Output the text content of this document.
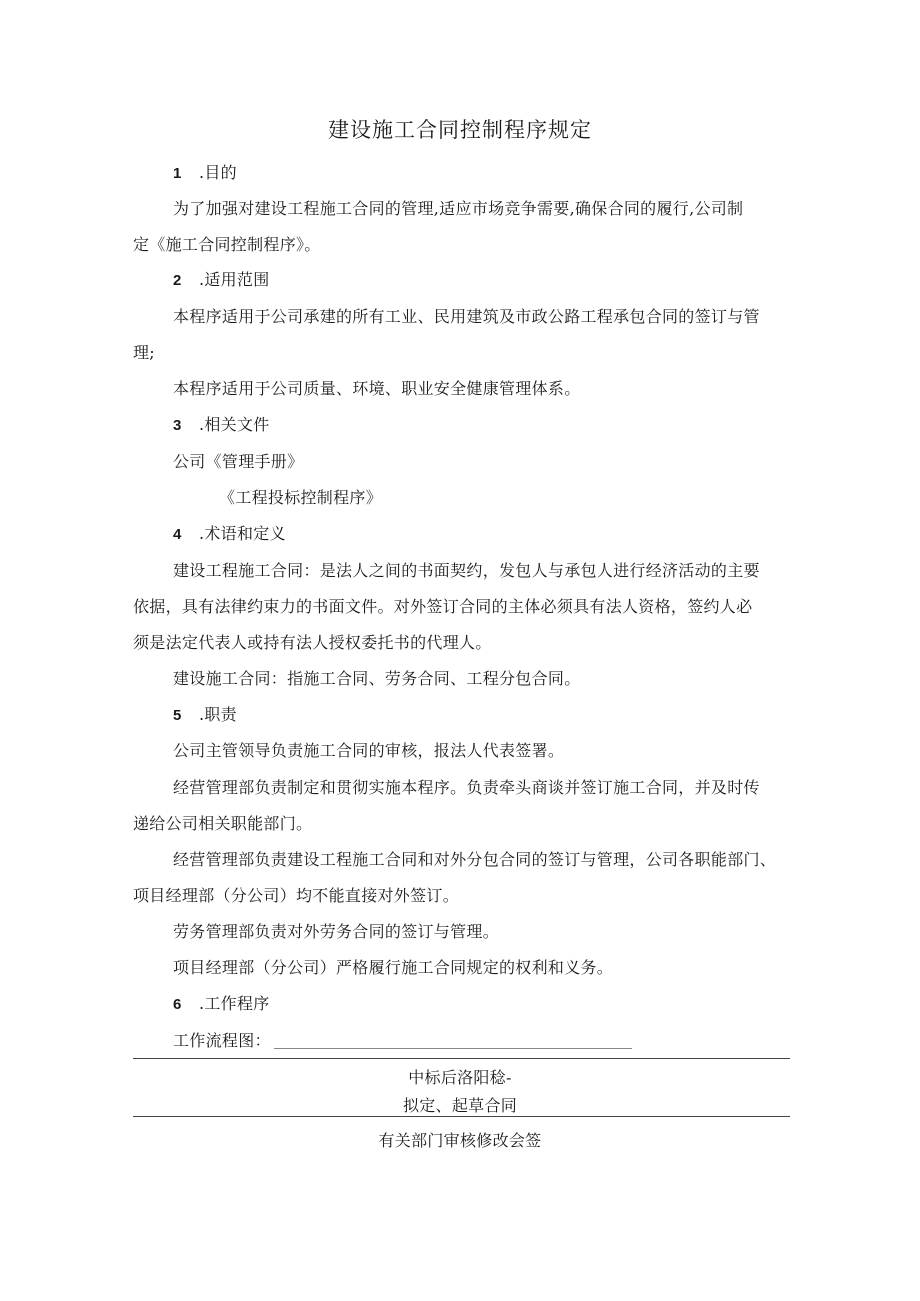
建设施工合同控制程序规定
1 .目的
为了加强对建设工程施工合同的管理,适应市场竞争需要,确保合同的履行,公司制
定《施工合同控制程序》。
2 .适用范围
本程序适用于公司承建的所有工业、民用建筑及市政公路工程承包合同的签订与管
理;
本程序适用于公司质量、环境、职业安全健康管理体系。
3 .相关文件
公司《管理手册》
《工程投标控制程序》
4 .术语和定义
建设工程施工合同：是法人之间的书面契约，发包人与承包人进行经济活动的主要
依据，具有法律约束力的书面文件。对外签订合同的主体必须具有法人资格，签约人必
须是法定代表人或持有法人授权委托书的代理人。
建设施工合同：指施工合同、劳务合同、工程分包合同。
5 .职责
公司主管领导负责施工合同的审核，报法人代表签署。
经营管理部负责制定和贯彻实施本程序。负责牵头商谈并签订施工合同，并及时传
递给公司相关职能部门。
经营管理部负责建设工程施工合同和对外分包合同的签订与管理，公司各职能部门、
项目经理部（分公司）均不能直接对外签订。
劳务管理部负责对外劳务合同的签订与管理。
项目经理部（分公司）严格履行施工合同规定的权利和义务。
6 .工作程序
工作流程图：
中标后洛阳稔-
拟定、起草合同
有关部门审核修改会签
